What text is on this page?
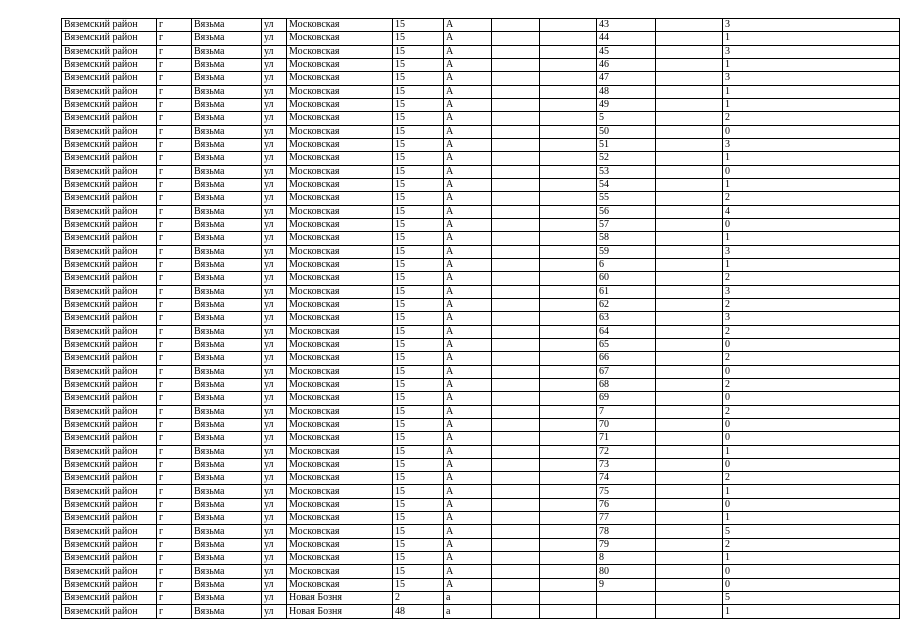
Вяземский район	г	Вязьма	ул	Московская	15	А			43		3
Вяземский район	г	Вязьма	ул	Московская	15	А			44		1
Вяземский район	г	Вязьма	ул	Московская	15	А			45		3
Вяземский район	г	Вязьма	ул	Московская	15	А			46		1
Вяземский район	г	Вязьма	ул	Московская	15	А			47		3
Вяземский район	г	Вязьма	ул	Московская	15	А			48		1
Вяземский район	г	Вязьма	ул	Московская	15	А			49		1
Вяземский район	г	Вязьма	ул	Московская	15	А			5		2
Вяземский район	г	Вязьма	ул	Московская	15	А			50		0
Вяземский район	г	Вязьма	ул	Московская	15	А			51		3
Вяземский район	г	Вязьма	ул	Московская	15	А			52		1
Вяземский район	г	Вязьма	ул	Московская	15	А			53		0
Вяземский район	г	Вязьма	ул	Московская	15	А			54		1
Вяземский район	г	Вязьма	ул	Московская	15	А			55		2
Вяземский район	г	Вязьма	ул	Московская	15	А			56		4
Вяземский район	г	Вязьма	ул	Московская	15	А			57		0
Вяземский район	г	Вязьма	ул	Московская	15	А			58		1
Вяземский район	г	Вязьма	ул	Московская	15	А			59		3
Вяземский район	г	Вязьма	ул	Московская	15	А			6		1
Вяземский район	г	Вязьма	ул	Московская	15	А			60		2
Вяземский район	г	Вязьма	ул	Московская	15	А			61		3
Вяземский район	г	Вязьма	ул	Московская	15	А			62		2
Вяземский район	г	Вязьма	ул	Московская	15	А			63		3
Вяземский район	г	Вязьма	ул	Московская	15	А			64		2
Вяземский район	г	Вязьма	ул	Московская	15	А			65		0
Вяземский район	г	Вязьма	ул	Московская	15	А			66		2
Вяземский район	г	Вязьма	ул	Московская	15	А			67		0
Вяземский район	г	Вязьма	ул	Московская	15	А			68		2
Вяземский район	г	Вязьма	ул	Московская	15	А			69		0
Вяземский район	г	Вязьма	ул	Московская	15	А			7		2
Вяземский район	г	Вязьма	ул	Московская	15	А			70		0
Вяземский район	г	Вязьма	ул	Московская	15	А			71		0
Вяземский район	г	Вязьма	ул	Московская	15	А			72		1
Вяземский район	г	Вязьма	ул	Московская	15	А			73		0
Вяземский район	г	Вязьма	ул	Московская	15	А			74		2
Вяземский район	г	Вязьма	ул	Московская	15	А			75		1
Вяземский район	г	Вязьма	ул	Московская	15	А			76		0
Вяземский район	г	Вязьма	ул	Московская	15	А			77		1
Вяземский район	г	Вязьма	ул	Московская	15	А			78		5
Вяземский район	г	Вязьма	ул	Московская	15	А			79		2
Вяземский район	г	Вязьма	ул	Московская	15	А			8		1
Вяземский район	г	Вязьма	ул	Московская	15	А			80		0
Вяземский район	г	Вязьма	ул	Московская	15	А			9		0
Вяземский район	г	Вязьма	ул	Новая Бозня	2	а					5
Вяземский район	г	Вязьма	ул	Новая Бозня	48	а					1
